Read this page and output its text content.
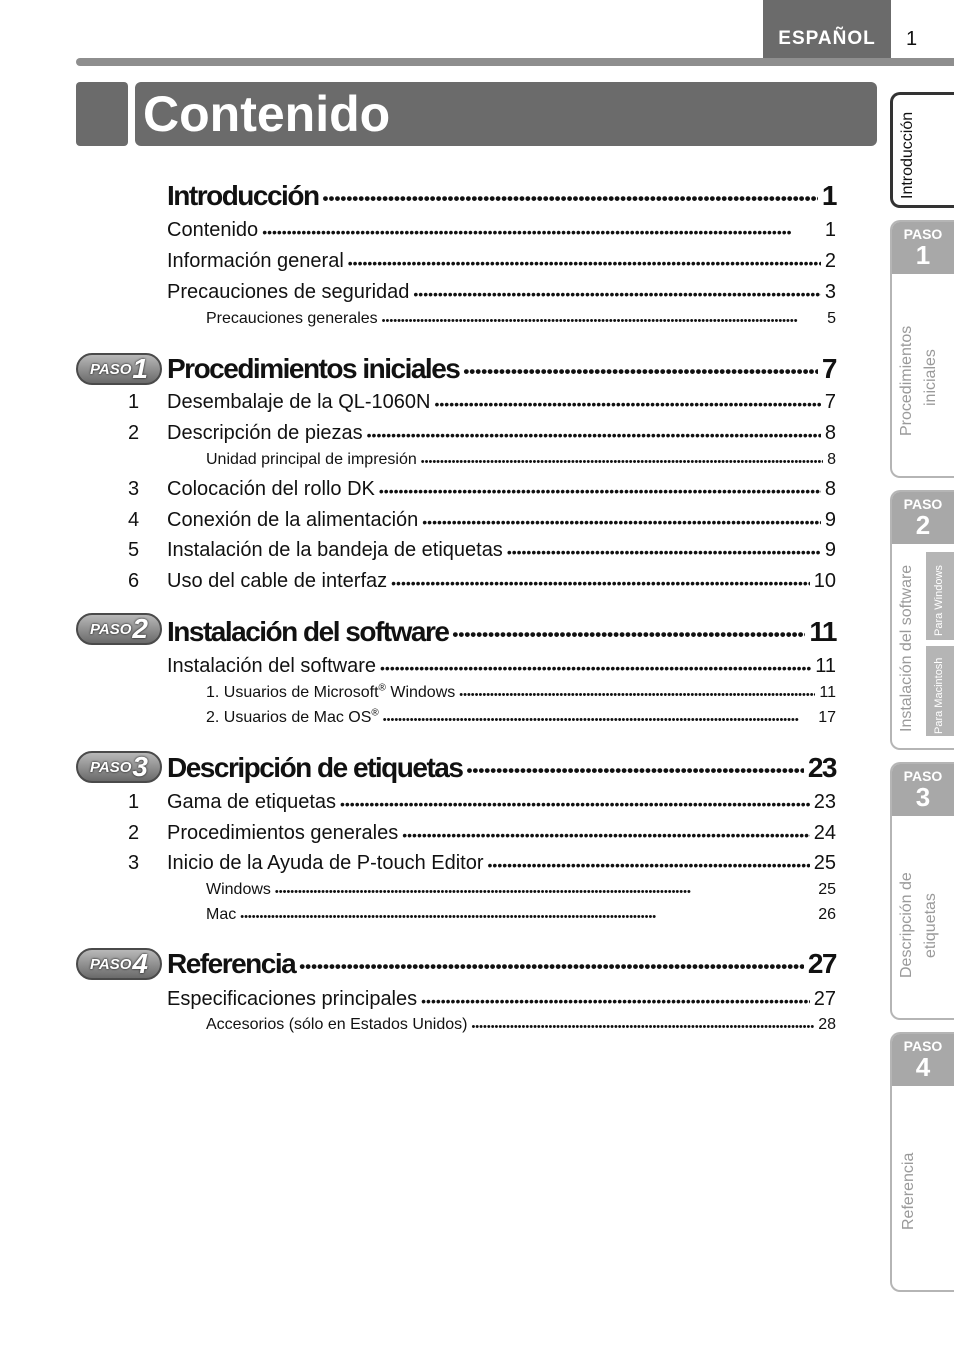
ESPAÑOL 1
Contenido
Introducción •••••	1
Contenido •••••	1
Información general •••••	2
Precauciones de seguridad •••••	3
Precauciones generales •••••	5
PASO 1 Procedimientos iniciales •••••	7
1 Desembalaje de la QL-1060N •••••	7
2 Descripción de piezas •••••	8
Unidad principal de impresión •••••	8
3 Colocación del rollo DK •••••	8
4 Conexión de la alimentación •••••	9
5 Instalación de la bandeja de etiquetas •••••	9
6 Uso del cable de interfaz •••••	10
PASO 2 Instalación del software •••••	11
Instalación del software •••••	11
1. Usuarios de Microsoft® Windows •••••	11
2. Usuarios de Mac OS® •••••	17
PASO 3 Descripción de etiquetas •••••	23
1 Gama de etiquetas •••••	23
2 Procedimientos generales •••••	24
3 Inicio de la Ayuda de P-touch Editor •••••	25
Windows •••••	25
Mac •••••	26
PASO 4 Referencia •••••	27
Especificaciones principales •••••	27
Accesorios (sólo en Estados Unidos) •••••	28
Introducción
PASO
1
Procedimientos iniciales
PASO
2
Instalación del software Para Windows
Para Macintosh
PASO
3
Descripción de etiquetas
PASO
4
Referencia
